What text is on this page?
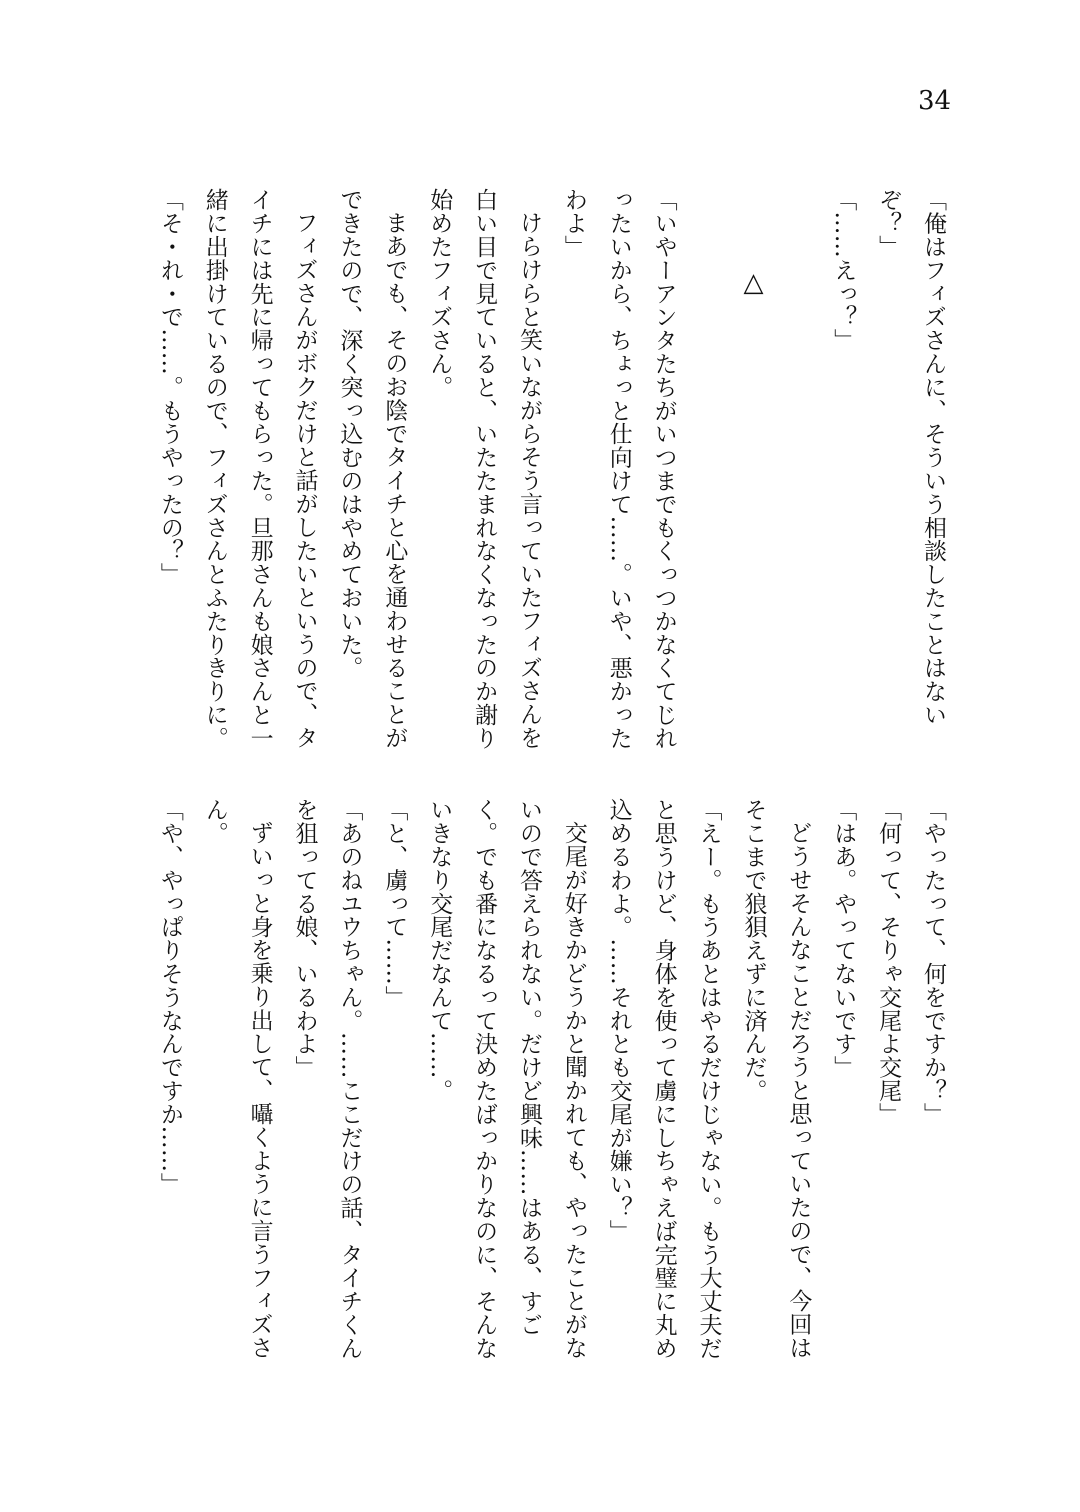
34
「俺はフィズさんに、そういう相談したことはない
ぞ？」
「……えっ？」
△
「いやーアンタたちがいつまでもくっつかなくてじれ
ったいから、ちょっと仕向けて……。いや、悪かった
わよ」
けらけらと笑いながらそう言っていたフィズさんを
白い目で見ていると、いたたまれなくなったのか謝り
始めたフィズさん。
まあでも、そのお陰でタイチと心を通わせることが
できたので、深く突っ込むのはやめておいた。
フィズさんがボクだけと話がしたいというので、タ
イチには先に帰ってもらった。旦那さんも娘さんと一
緒に出掛けているので、フィズさんとふたりきりに。
「そ・れ・で……。もうやったの？」
「やったって、何をですか？」
「何って、そりゃ交尾よ交尾」
「はあ。やってないです」
どうせそんなことだろうと思っていたので、今回は
そこまで狼狽えずに済んだ。
「えー。もうあとはやるだけじゃない。もう大丈夫だ
と思うけど、身体を使って虜にしちゃえば完璧に丸め
込めるわよ。……それとも交尾が嫌い？」
交尾が好きかどうかと聞かれても、やったことがな
いので答えられない。だけど興味……はある、すご
く。でも番になるって決めたばっかりなのに、そんな
いきなり交尾だなんて……。
「と、虜って……」
「あのねユウちゃん。……ここだけの話、タイチくん
を狙ってる娘、いるわよ」
ずいっと身を乗り出して、囁くように言うフィズさ
ん。
「や、やっぱりそうなんですか……」
